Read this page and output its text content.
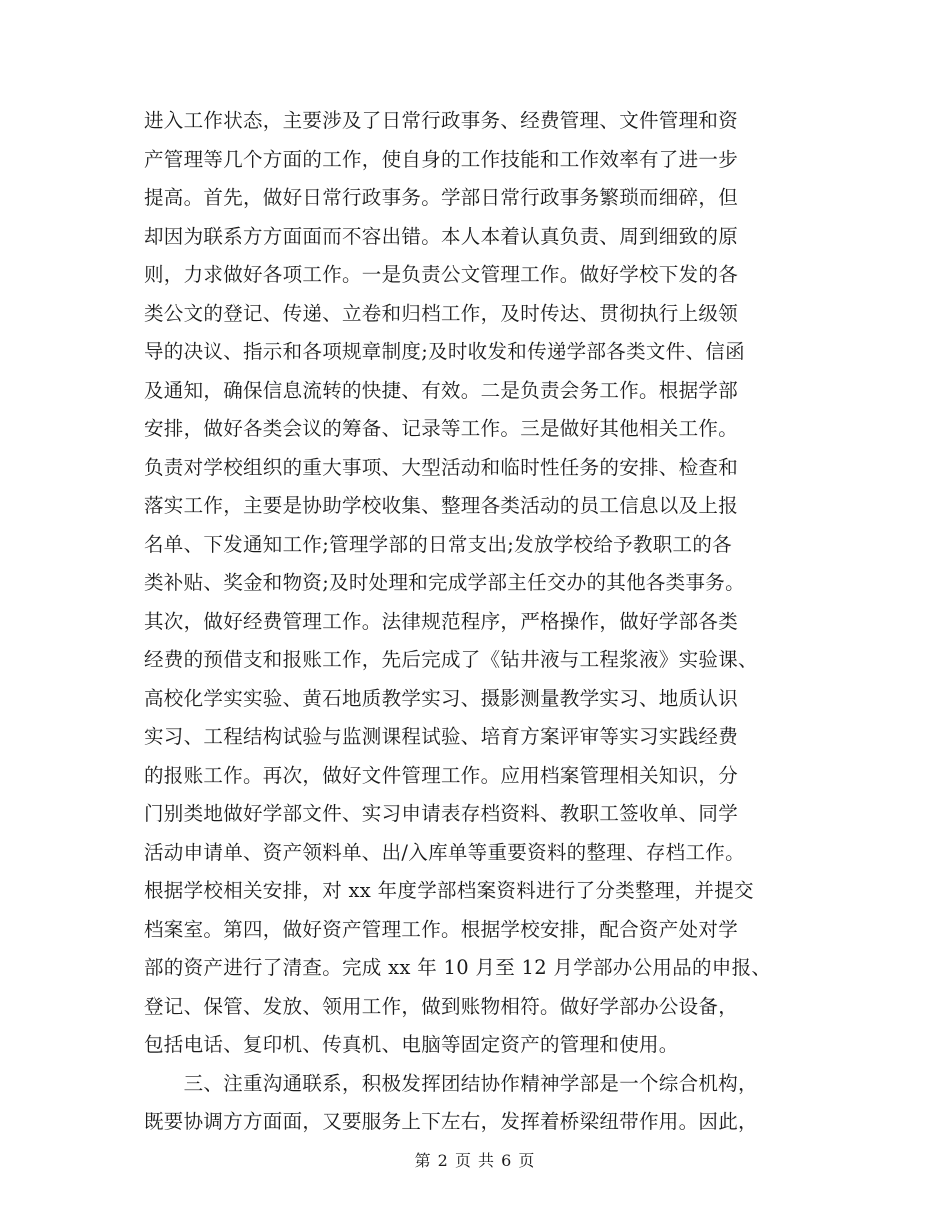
进入工作状态，主要涉及了日常行政事务、经费管理、文件管理和资
产管理等几个方面的工作，使自身的工作技能和工作效率有了进一步
提高。首先，做好日常行政事务。学部日常行政事务繁琐而细碎，但
却因为联系方方面面而不容出错。本人本着认真负责、周到细致的原
则，力求做好各项工作。一是负责公文管理工作。做好学校下发的各
类公文的登记、传递、立卷和归档工作，及时传达、贯彻执行上级领
导的决议、指示和各项规章制度;及时收发和传递学部各类文件、信函
及通知，确保信息流转的快捷、有效。二是负责会务工作。根据学部
安排，做好各类会议的筹备、记录等工作。三是做好其他相关工作。
负责对学校组织的重大事项、大型活动和临时性任务的安排、检查和
落实工作，主要是协助学校收集、整理各类活动的员工信息以及上报
名单、下发通知工作;管理学部的日常支出;发放学校给予教职工的各
类补贴、奖金和物资;及时处理和完成学部主任交办的其他各类事务。
其次，做好经费管理工作。法律规范程序，严格操作，做好学部各类
经费的预借支和报账工作，先后完成了《钻井液与工程浆液》实验课、
高校化学实实验、黄石地质教学实习、摄影测量教学实习、地质认识
实习、工程结构试验与监测课程试验、培育方案评审等实习实践经费
的报账工作。再次，做好文件管理工作。应用档案管理相关知识，分
门别类地做好学部文件、实习申请表存档资料、教职工签收单、同学
活动申请单、资产领料单、出/入库单等重要资料的整理、存档工作。
根据学校相关安排，对 xx 年度学部档案资料进行了分类整理，并提交
档案室。第四，做好资产管理工作。根据学校安排，配合资产处对学
部的资产进行了清查。完成 xx 年 10 月至 12 月学部办公用品的申报、
登记、保管、发放、领用工作，做到账物相符。做好学部办公设备，
包括电话、复印机、传真机、电脑等固定资产的管理和使用。
　　三、注重沟通联系，积极发挥团结协作精神学部是一个综合机构，
既要协调方方面面，又要服务上下左右，发挥着桥梁纽带作用。因此，
第 2 页 共 6 页
